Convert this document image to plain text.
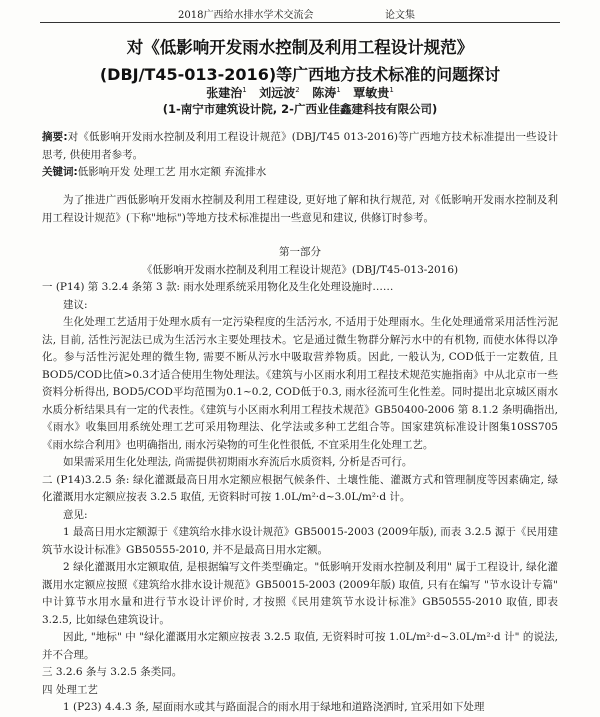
2018广西给水排水学术交流会	论文集
对《低影响开发雨水控制及利用工程设计规范》
(DBJ/T45-013-2016)等广西地方技术标准的问题探讨
张建治$^1$ 刘远波$^2$ 陈涛$^1$ 覃敏贵$^1$
(1-南宁市建筑设计院, 2-广西业佳鑫建科技有限公司)

摘要:对《低影响开发雨水控制及利用工程设计规范》(DBJ/T45 013-2016)等广西地方技术标准提出一些设计思考, 供使用者参考。

关键词:低影响开发 处理工艺 用水定额 弃流排水

为了推进广西低影响开发雨水控制及利用工程建设, 更好地了解和执行规范, 对《低影响开发雨水控制及利用工程设计规范》(下称"地标")等地方技术标准提出一些意见和建议, 供修订时参考。

第一部分

《低影响开发雨水控制及利用工程设计规范》(DBJ/T45-013-2016)

一 (P14) 第 3.2.4 条第 3 款: 雨水处理系统采用物化及生化处理设施时……

建议:

生化处理工艺适用于处理水质有一定污染程度的生活污水, 不适用于处理雨水。生化处理通常采用活性污泥法, 目前, 活性污泥法已成为生活污水主要处理技术。它是通过微生物群分解污水中的有机物, 而使水体得以净化。参与活性污泥处理的微生物, 需要不断从污水中吸取营养物质。因此, 一般认为, COD低于一定数值, 且BOD5/COD比值>0.3才适合使用生物处理法。《建筑与小区雨水利用工程技术规范实施指南》中从北京市一些资料分析得出, BOD5/COD平均范围为0.1~0.2, COD低于0.3, 雨水径流可生化性差。同时提出北京城区雨水水质分析结果具有一定的代表性。《建筑与小区雨水利用工程技术规范》GB50400-2006 第 8.1.2 条明确指出, 《雨水》收集回用系统处理工艺可采用物理法、化学法或多种工艺组合等。国家建筑标准设计图集10SS705《雨水综合利用》也明确指出, 雨水污染物的可生化性很低, 不宜采用生化处理工艺。

如果需采用生化处理法, 尚需提供初期雨水弃流后水质资料, 分析是否可行。

二 (P14)3.2.5 条: 绿化灌溉最高日用水定额应根据气候条件、土壤性能、灌溉方式和管理制度等因素确定, 绿化灌溉用水定额应按表 3.2.5 取值, 无资料时可按 1.0L/m²·d~3.0L/m²·d 计。

意见:

1 最高日用水定额源于《建筑给水排水设计规范》GB50015-2003 (2009年版), 而表 3.2.5 源于《民用建筑节水设计标准》GB50555-2010, 并不是最高日用水定额。

2 绿化灌溉用水定额取值, 是根据编写文件类型确定。"低影响开发雨水控制及利用" 属于工程设计, 绿化灌溉用水定额应按照《建筑给水排水设计规范》GB50015-2003 (2009年版) 取值, 只有在编写 "节水设计专篇" 中计算节水用水量和进行节水设计评价时, 才按照《民用建筑节水设计标准》GB50555-2010 取值, 即表 3.2.5, 比如绿色建筑设计。

因此, "地标" 中 "绿化灌溉用水定额应按表 3.2.5 取值, 无资料时可按 1.0L/m²·d~3.0L/m²·d 计" 的说法, 并不合理。

三 3.2.6 条与 3.2.5 条类同。

四 处理工艺

1 (P23) 4.4.3 条, 屋面雨水或其与路面混合的雨水用于绿地和道路浇洒时, 宜采用如下处理
